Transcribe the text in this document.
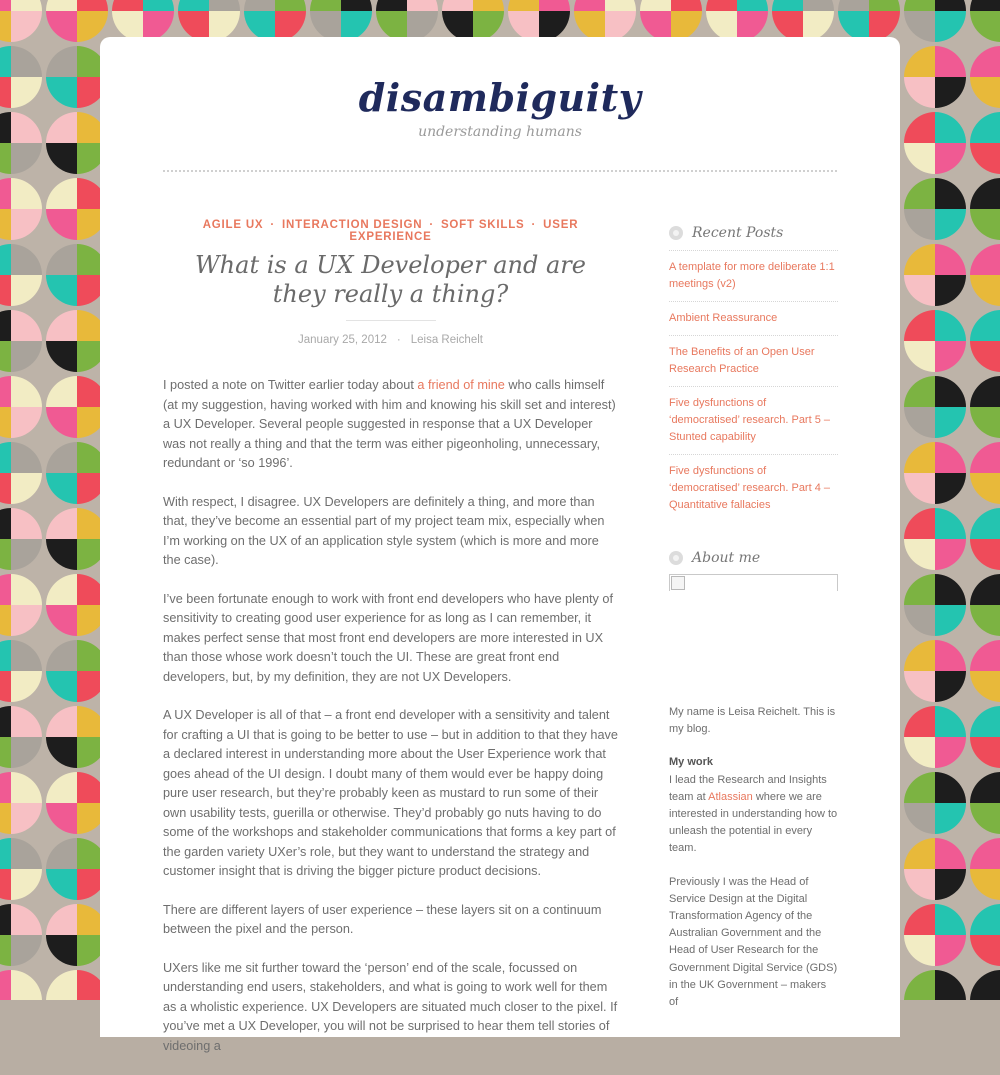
disambiguity
understanding humans
AGILE UX · INTERACTION DESIGN · SOFT SKILLS · USER EXPERIENCE
What is a UX Developer and are they really a thing?
January 25, 2012 · Leisa Reichelt

I posted a note on Twitter earlier today about a friend of mine who calls himself (at my suggestion, having worked with him and knowing his skill set and interest) a UX Developer. Several people suggested in response that a UX Developer was not really a thing and that the term was either pigeonholing, unnecessary, redundant or ‘so 1996’.

With respect, I disagree. UX Developers are definitely a thing, and more than that, they’ve become an essential part of my project team mix, especially when I’m working on the UX of an application style system (which is more and more the case).

I’ve been fortunate enough to work with front end developers who have plenty of sensitivity to creating good user experience for as long as I can remember, it makes perfect sense that most front end developers are more interested in UX than those whose work doesn’t touch the UI. These are great front end developers, but, by my definition, they are not UX Developers.

A UX Developer is all of that – a front end developer with a sensitivity and talent for crafting a UI that is going to be better to use – but in addition to that they have a declared interest in understanding more about the User Experience work that goes ahead of the UI design. I doubt many of them would ever be happy doing pure user research, but they’re probably keen as mustard to run some of their own usability tests, guerilla or otherwise. They’d probably go nuts having to do some of the workshops and stakeholder communications that forms a key part of the garden variety UXer’s role, but they want to understand the strategy and customer insight that is driving the bigger picture product decisions.

There are different layers of user experience – these layers sit on a continuum between the pixel and the person.

UXers like me sit further toward the ‘person’ end of the scale, focussed on understanding end users, stakeholders, and what is going to work well for them as a wholistic experience. UX Developers are situated much closer to the pixel. If you’ve met a UX Developer, you will not be surprised to hear them tell stories of videoing a

Recent Posts
A template for more deliberate 1:1 meetings (v2)
Ambient Reassurance
The Benefits of an Open User Research Practice
Five dysfunctions of ‘democratised’ research. Part 5 – Stunted capability
Five dysfunctions of ‘democratised’ research. Part 4 – Quantitative fallacies
About me

My name is Leisa Reichelt. This is my blog.

My work
I lead the Research and Insights team at Atlassian where we are interested in understanding how to unleash the potential in every team.

Previously I was the Head of Service Design at the Digital Transformation Agency of the Australian Government and the Head of User Research for the Government Digital Service (GDS) in the UK Government – makers of
